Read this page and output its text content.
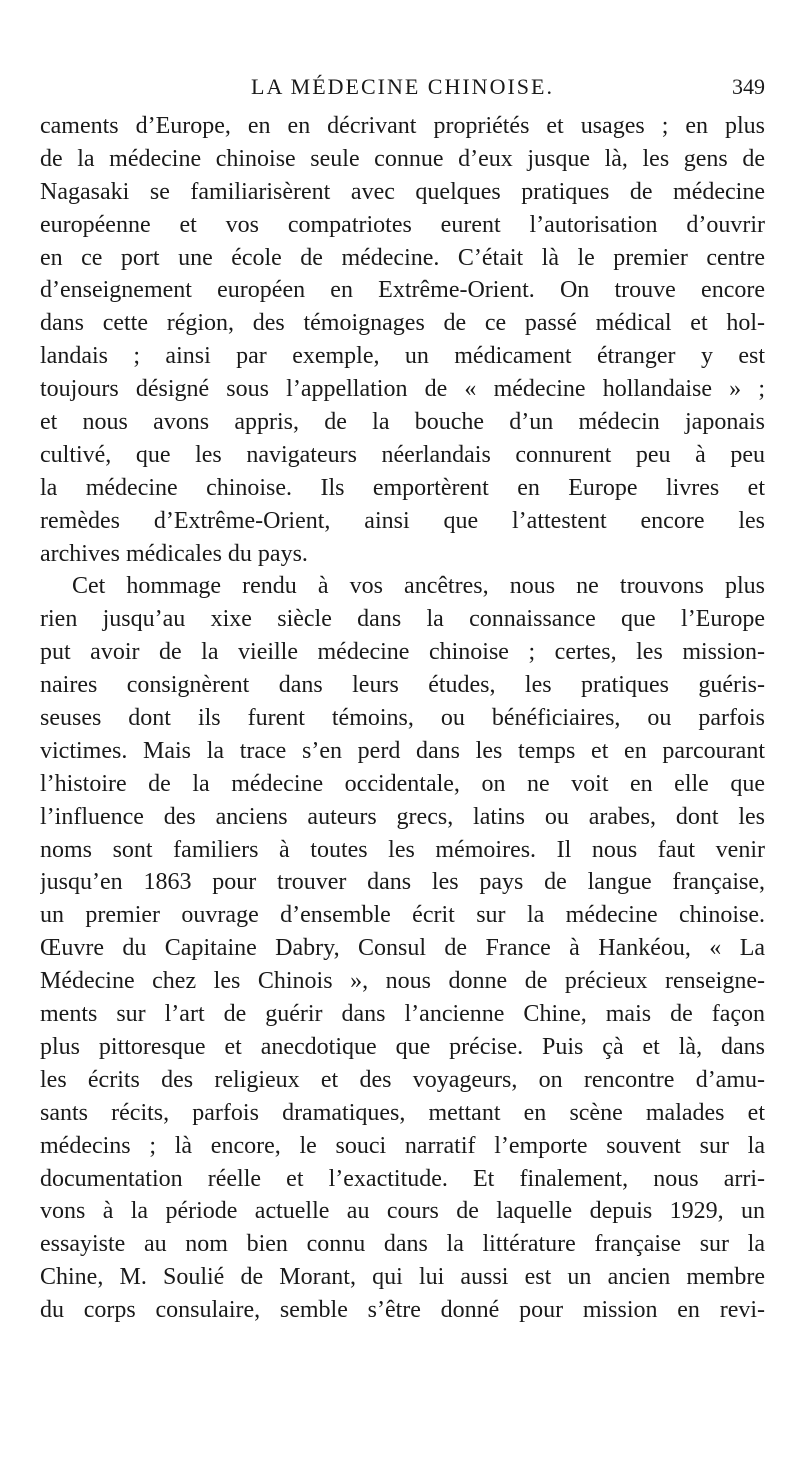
LA MÉDECINE CHINOISE.	349
caments d’Europe, en en décrivant propriétés et usages ; en plus
de la médecine chinoise seule connue d’eux jusque là, les gens de
Nagasaki se familiarisèrent avec quelques pratiques de médecine
européenne et vos compatriotes eurent l’autorisation d’ouvrir
en ce port une école de médecine. C’était là le premier centre
d’enseignement européen en Extrême-Orient. On trouve encore
dans cette région, des témoignages de ce passé médical et hol-
landais ; ainsi par exemple, un médicament étranger y est
toujours désigné sous l’appellation de « médecine hollandaise » ;
et nous avons appris, de la bouche d’un médecin japonais
cultivé, que les navigateurs néerlandais connurent peu à peu
la médecine chinoise. Ils emportèrent en Europe livres et
remèdes d’Extrême-Orient, ainsi que l’attestent encore les
archives médicales du pays.
Cet hommage rendu à vos ancêtres, nous ne trouvons plus
rien jusqu’au xixe siècle dans la connaissance que l’Europe
put avoir de la vieille médecine chinoise ; certes, les mission-
naires consignèrent dans leurs études, les pratiques guéris-
seuses dont ils furent témoins, ou bénéficiaires, ou parfois
victimes. Mais la trace s’en perd dans les temps et en parcourant
l’histoire de la médecine occidentale, on ne voit en elle que
l’influence des anciens auteurs grecs, latins ou arabes, dont les
noms sont familiers à toutes les mémoires. Il nous faut venir
jusqu’en 1863 pour trouver dans les pays de langue française,
un premier ouvrage d’ensemble écrit sur la médecine chinoise.
Œuvre du Capitaine Dabry, Consul de France à Hankéou, « La
Médecine chez les Chinois », nous donne de précieux renseigne-
ments sur l’art de guérir dans l’ancienne Chine, mais de façon
plus pittoresque et anecdotique que précise. Puis çà et là, dans
les écrits des religieux et des voyageurs, on rencontre d’amu-
sants récits, parfois dramatiques, mettant en scène malades et
médecins ; là encore, le souci narratif l’emporte souvent sur la
documentation réelle et l’exactitude. Et finalement, nous arri-
vons à la période actuelle au cours de laquelle depuis 1929, un
essayiste au nom bien connu dans la littérature française sur la
Chine, M. Soulié de Morant, qui lui aussi est un ancien membre
du corps consulaire, semble s’être donné pour mission en revi-
